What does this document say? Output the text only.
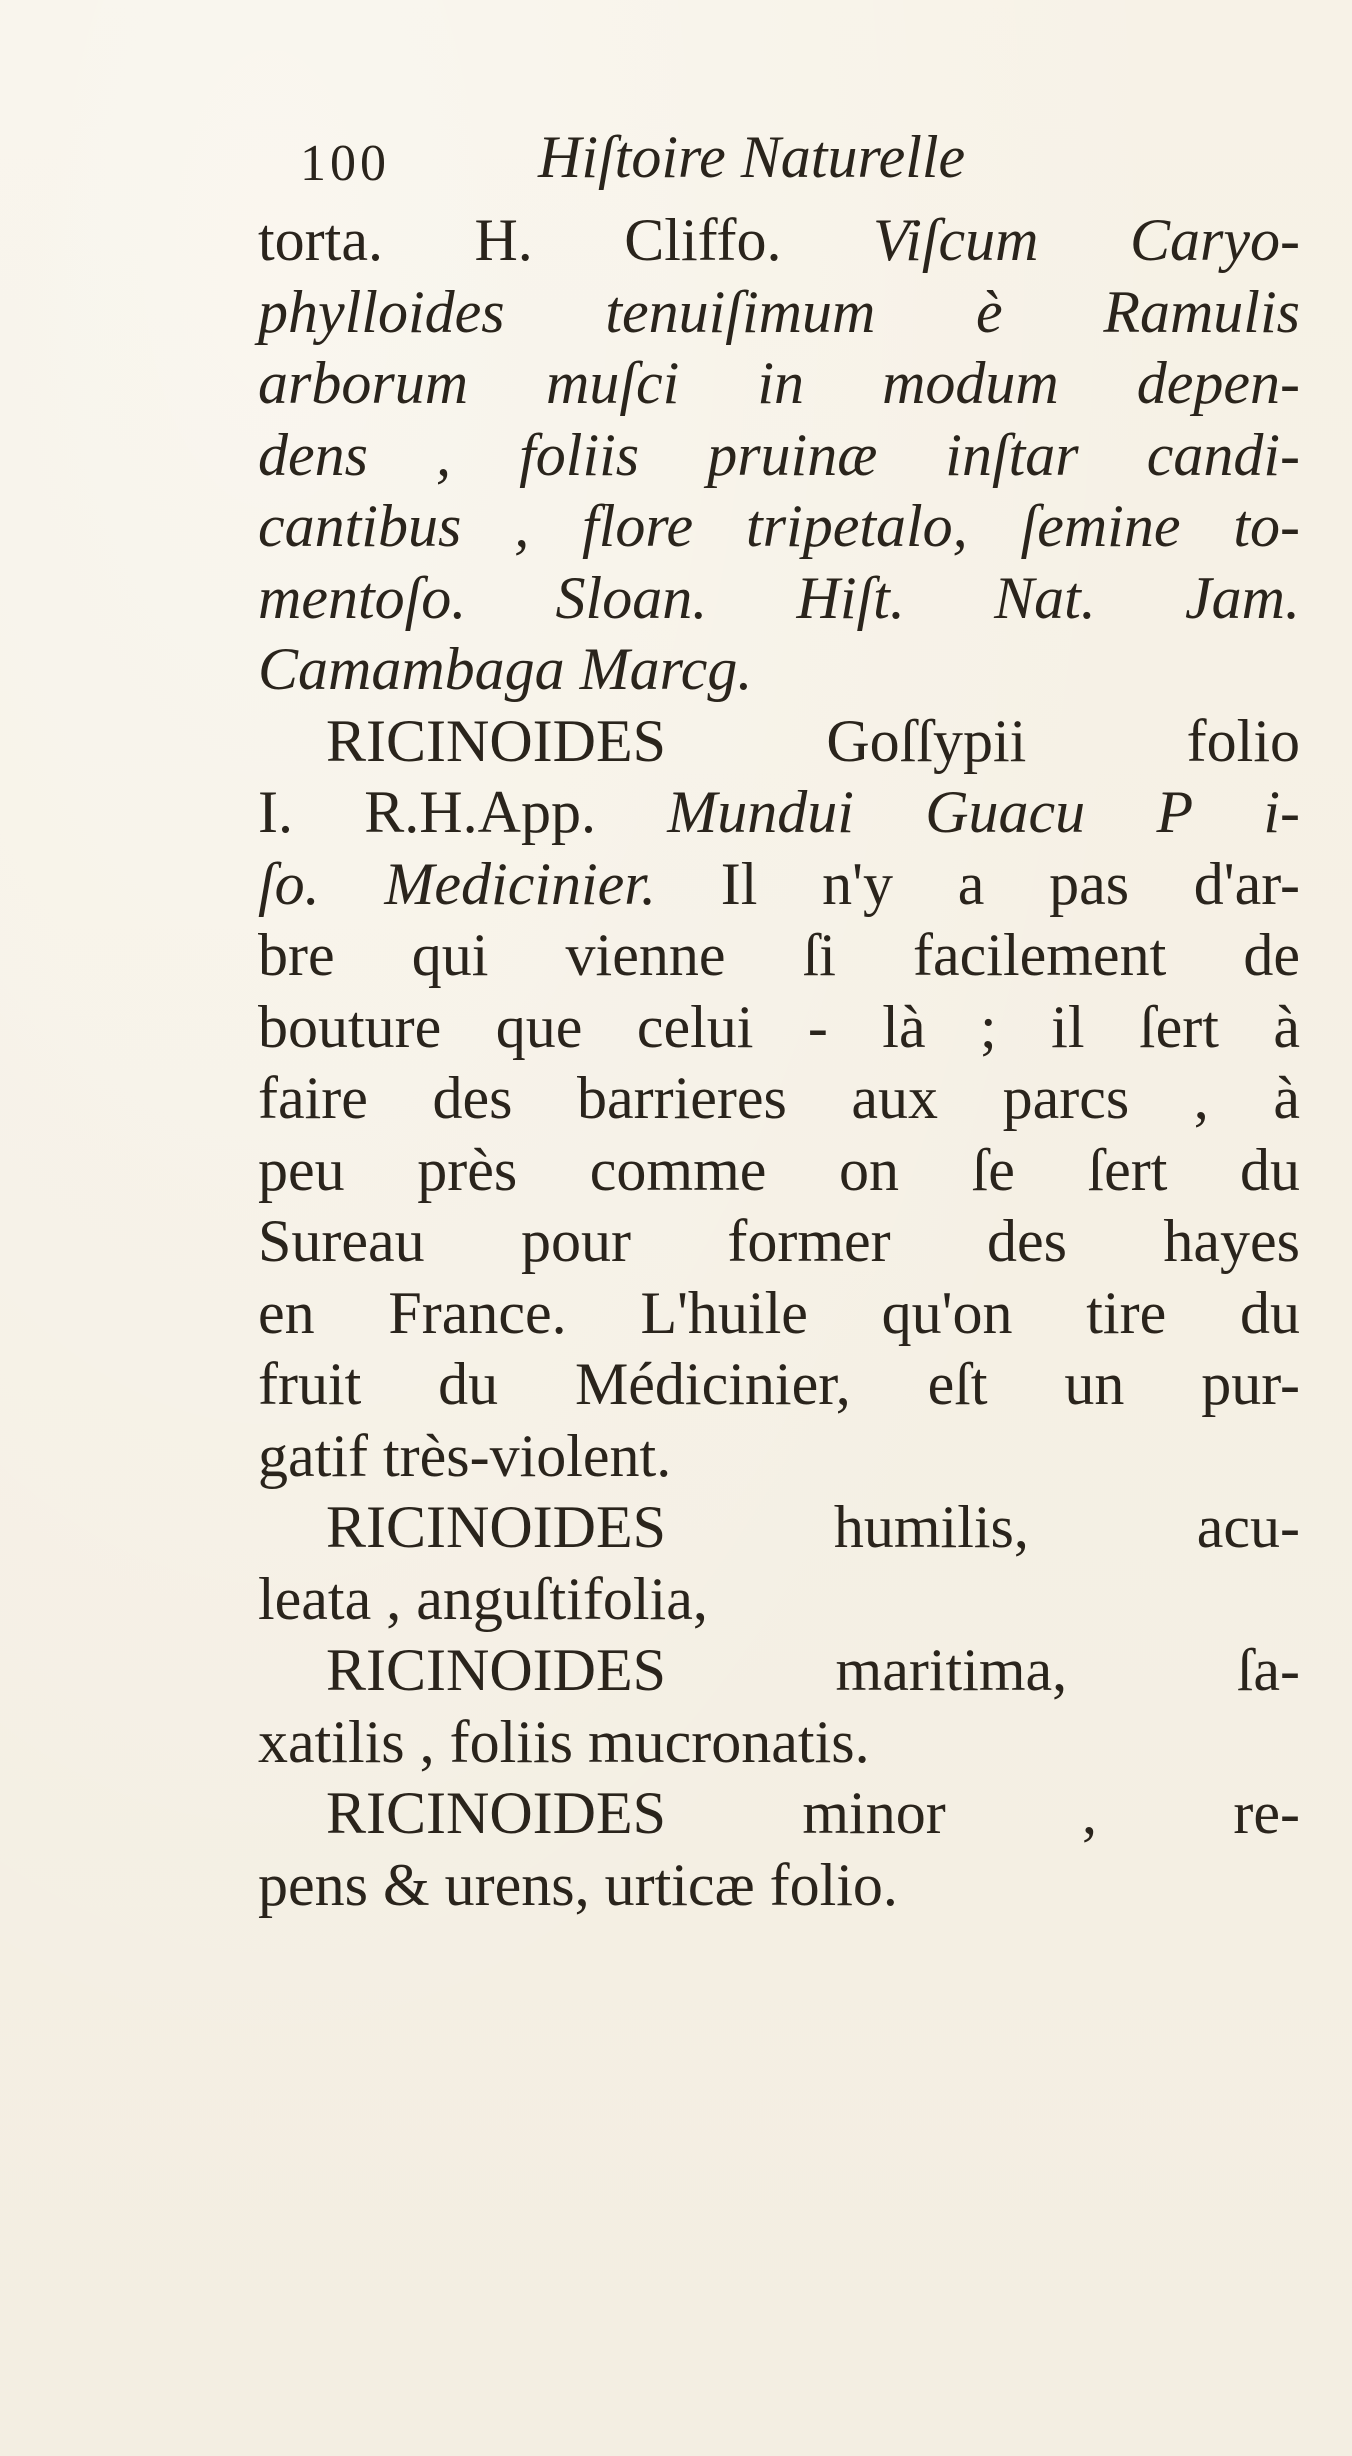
100 Hiſtoire Naturelle
torta. H. Cliffo. Viſcum Caryo-
phylloides tenuiſimum è Ramulis
arborum muſci in modum depen-
dens , foliis pruinæ inſtar candi-
cantibus , flore tripetalo, ſemine to-
mentoſo. Sloan. Hiſt. Nat. Jam.
Camambaga Marcg.
RICINOIDES Goſſypii folio
I. R.H.App. Mundui Guacu P i-
ſo. Medicinier. Il n'y a pas d'ar-
bre qui vienne ſi facilement de
bouture que celui - là ; il ſert à
faire des barrieres aux parcs , à
peu près comme on ſe ſert du
Sureau pour former des hayes
en France. L'huile qu'on tire du
fruit du Médicinier, eſt un pur-
gatif très-violent.
RICINOIDES humilis, acu-
leata , anguſtifolia,
RICINOIDES maritima, ſa-
xatilis , foliis mucronatis.
RICINOIDES minor , re-
pens & urens, urticæ folio.
